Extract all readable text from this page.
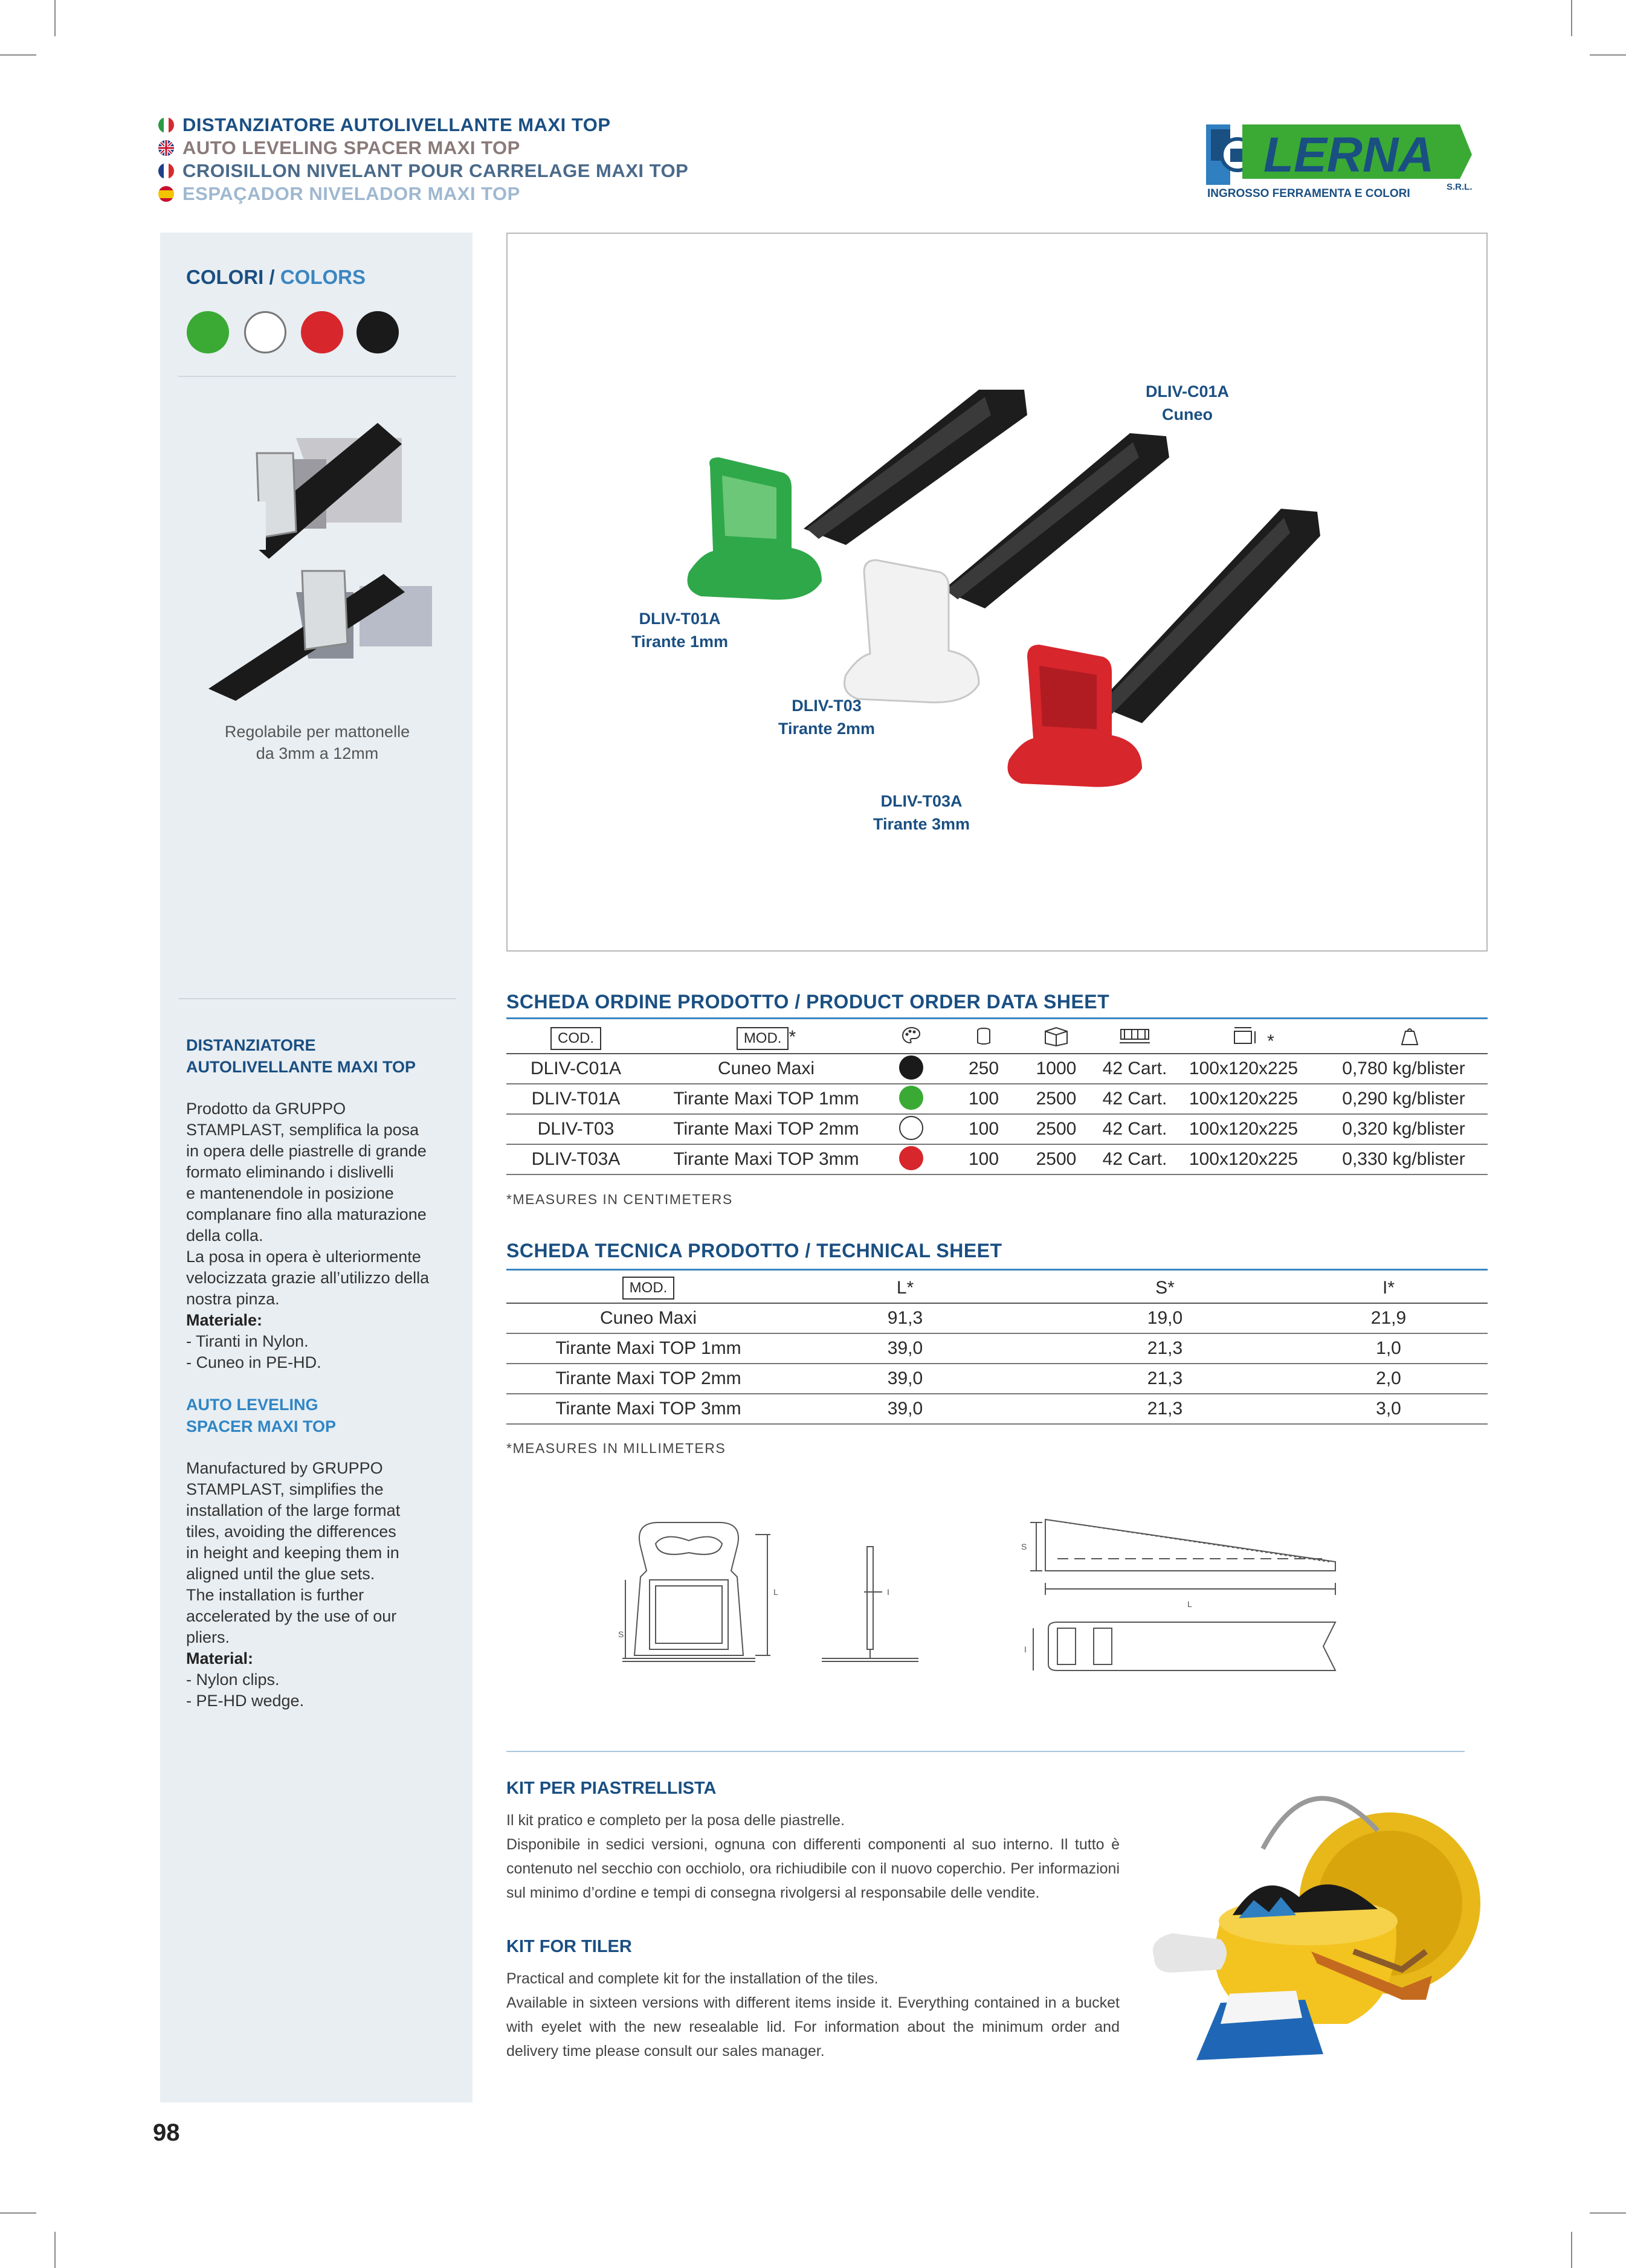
DISTANZIATORE AUTOLIVELLANTE MAXI TOP
AUTO LEVELING SPACER MAXI TOP
CROISILLON NIVELANT POUR CARRELAGE MAXI TOP
ESPAÇADOR NIVELADOR MAXI TOP
LERNA
S.R.L.
INGROSSO FERRAMENTA E COLORI
COLORI / COLORS
Regolabile per mattonelle
da 3mm a 12mm
DISTANZIATORE
AUTOLIVELLANTE MAXI TOP
Prodotto da GRUPPO
STAMPLAST, semplifica la posa
in opera delle piastrelle di grande
formato eliminando i dislivelli
e mantenendole in posizione
complanare fino alla maturazione
della colla.
La posa in opera è ulteriormente
velocizzata grazie all’utilizzo della
nostra pinza.
Materiale:
- Tiranti in Nylon.
- Cuneo in PE-HD.
AUTO LEVELING
SPACER MAXI TOP
Manufactured by GRUPPO
STAMPLAST, simplifies the
installation of the large format
tiles, avoiding the differences
in height and keeping them in
aligned until the glue sets.
The installation is further
accelerated by the use of our
pliers.
Material:
- Nylon clips.
- PE-HD wedge.
DLIV-C01A
Cuneo
DLIV-T01A
Tirante 1mm
DLIV-T03
Tirante 2mm
DLIV-T03A
Tirante 3mm
SCHEDA ORDINE PRODOTTO / PRODUCT ORDER DATA SHEET
COD.	MOD. *	*
DLIV-C01A	Cuneo Maxi	250	1000	42 Cart.	100x120x225	0,780 kg/blister
DLIV-T01A	Tirante Maxi TOP 1mm	100	2500	42 Cart.	100x120x225	0,290 kg/blister
DLIV-T03	Tirante Maxi TOP 2mm	100	2500	42 Cart.	100x120x225	0,320 kg/blister
DLIV-T03A	Tirante Maxi TOP 3mm	100	2500	42 Cart.	100x120x225	0,330 kg/blister
*MEASURES IN CENTIMETERS
SCHEDA TECNICA PRODOTTO / TECHNICAL SHEET
MOD.	L*	S*	I*
Cuneo Maxi	91,3	19,0	21,9
Tirante Maxi TOP 1mm	39,0	21,3	1,0
Tirante Maxi TOP 2mm	39,0	21,3	2,0
Tirante Maxi TOP 3mm	39,0	21,3	3,0
*MEASURES IN MILLIMETERS
S
L	I
S
L
I
KIT PER PIASTRELLISTA
Il kit pratico e completo per la posa delle piastrelle.
Disponibile in sedici versioni, ognuna con differenti componenti al suo interno. Il tutto è contenuto nel secchio con occhiolo, ora richiudibile con il nuovo coperchio. Per informazioni sul minimo d’ordine e tempi di consegna rivolgersi al responsabile delle vendite.
KIT FOR TILER
Practical and complete kit for the installation of the tiles.
Available in sixteen versions with different items inside it. Everything contained in a bucket with eyelet with the new resealable lid. For information about the minimum order and delivery time please consult our sales manager.
98
